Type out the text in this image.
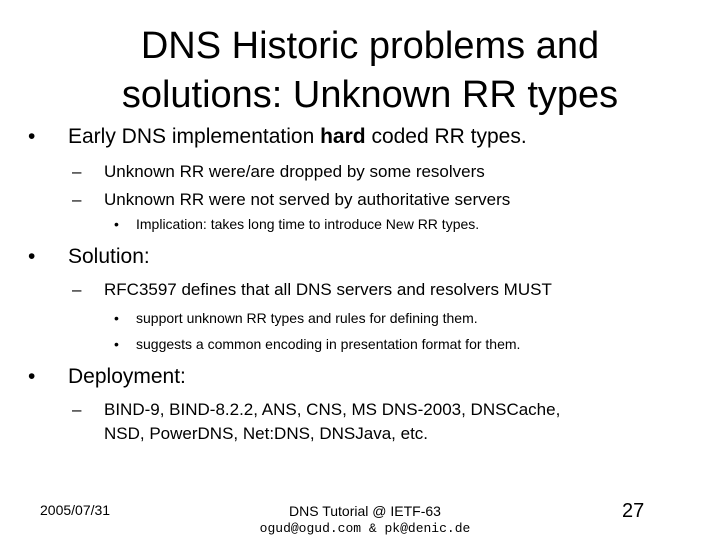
DNS Historic problems and
solutions: Unknown RR types
• Early DNS implementation hard coded RR types.
– Unknown RR were/are dropped by some resolvers
– Unknown RR were not served by authoritative servers
• Implication: takes long time to introduce New RR types.
• Solution:
– RFC3597 defines that all DNS servers and resolvers MUST
• support unknown RR types and rules for defining them.
• suggests a common encoding in presentation format for them.
• Deployment:
– BIND-9, BIND-8.2.2, ANS, CNS, MS DNS-2003, DNSCache,
NSD, PowerDNS, Net:DNS, DNSJava, etc.
2005/07/31	DNS Tutorial @ IETF-63
ogud@ogud.com & pk@denic.de
27
